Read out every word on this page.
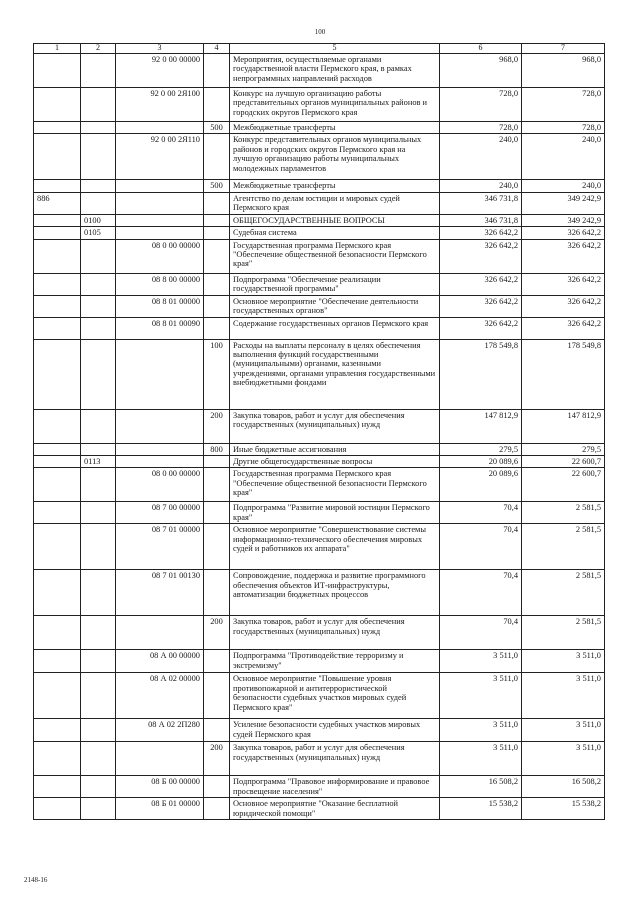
100
1	2	3	4	5	6	7
		92 0 00 00000		Мероприятия, осуществляемые органами государственной власти Пермского края, в рамках непрограммных направлений расходов	968,0	968,0
		92 0 00 2Я100		Конкурс на лучшую организацию работы представительных органов муниципальных районов и городских округов Пермского края	728,0	728,0
			500	Межбюджетные трансферты	728,0	728,0
		92 0 00 2Я110		Конкурс представительных органов муниципальных районов и городских округов Пермского края на лучшую организацию работы муниципальных молодежных парламентов	240,0	240,0
			500	Межбюджетные трансферты	240,0	240,0
886				Агентство по делам юстиции и мировых судей Пермского края	346 731,8	349 242,9
	0100			ОБЩЕГОСУДАРСТВЕННЫЕ ВОПРОСЫ	346 731,8	349 242,9
	0105			Судебная система	326 642,2	326 642,2
		08 0 00 00000		Государственная программа Пермского края "Обеспечение общественной безопасности Пермского края"	326 642,2	326 642,2
		08 8 00 00000		Подпрограмма "Обеспечение реализации государственной программы"	326 642,2	326 642,2
		08 8 01 00000		Основное мероприятие "Обеспечение деятельности государственных органов"	326 642,2	326 642,2
		08 8 01 00090		Содержание государственных органов Пермского края	326 642,2	326 642,2
			100	Расходы на выплаты персоналу в целях обеспечения выполнения функций государственными (муниципальными) органами, казенными учреждениями, органами управления государственными внебюджетными фондами	178 549,8	178 549,8
			200	Закупка товаров, работ и услуг для обеспечения государственных (муниципальных) нужд	147 812,9	147 812,9
			800	Иные бюджетные ассигнования	279,5	279,5
	0113			Другие общегосударственные вопросы	20 089,6	22 600,7
		08 0 00 00000		Государственная программа Пермского края "Обеспечение общественной безопасности Пермского края"	20 089,6	22 600,7
		08 7 00 00000		Подпрограмма "Развитие мировой юстиции Пермского края"	70,4	2 581,5
		08 7 01 00000		Основное мероприятие "Совершенствование системы информационно-технического обеспечения мировых судей и работников их аппарата"	70,4	2 581,5
		08 7 01 00130		Сопровождение, поддержка и развитие программного обеспечения объектов ИТ-инфраструктуры, автоматизации бюджетных процессов	70,4	2 581,5
			200	Закупка товаров, работ и услуг для обеспечения государственных (муниципальных) нужд	70,4	2 581,5
		08 А 00 00000		Подпрограмма "Противодействие терроризму и экстремизму"	3 511,0	3 511,0
		08 А 02 00000		Основное мероприятие "Повышение уровня противопожарной и антитеррористической безопасности судебных участков мировых судей Пермского края"	3 511,0	3 511,0
		08 А 02 2П280		Усиление безопасности судебных участков мировых судей Пермского края	3 511,0	3 511,0
			200	Закупка товаров, работ и услуг для обеспечения государственных (муниципальных) нужд	3 511,0	3 511,0
		08 Б 00 00000		Подпрограмма "Правовое информирование и правовое просвещение населения"	16 508,2	16 508,2
		08 Б 01 00000		Основное мероприятие "Оказание бесплатной юридической помощи"	15 538,2	15 538,2
2148-16
